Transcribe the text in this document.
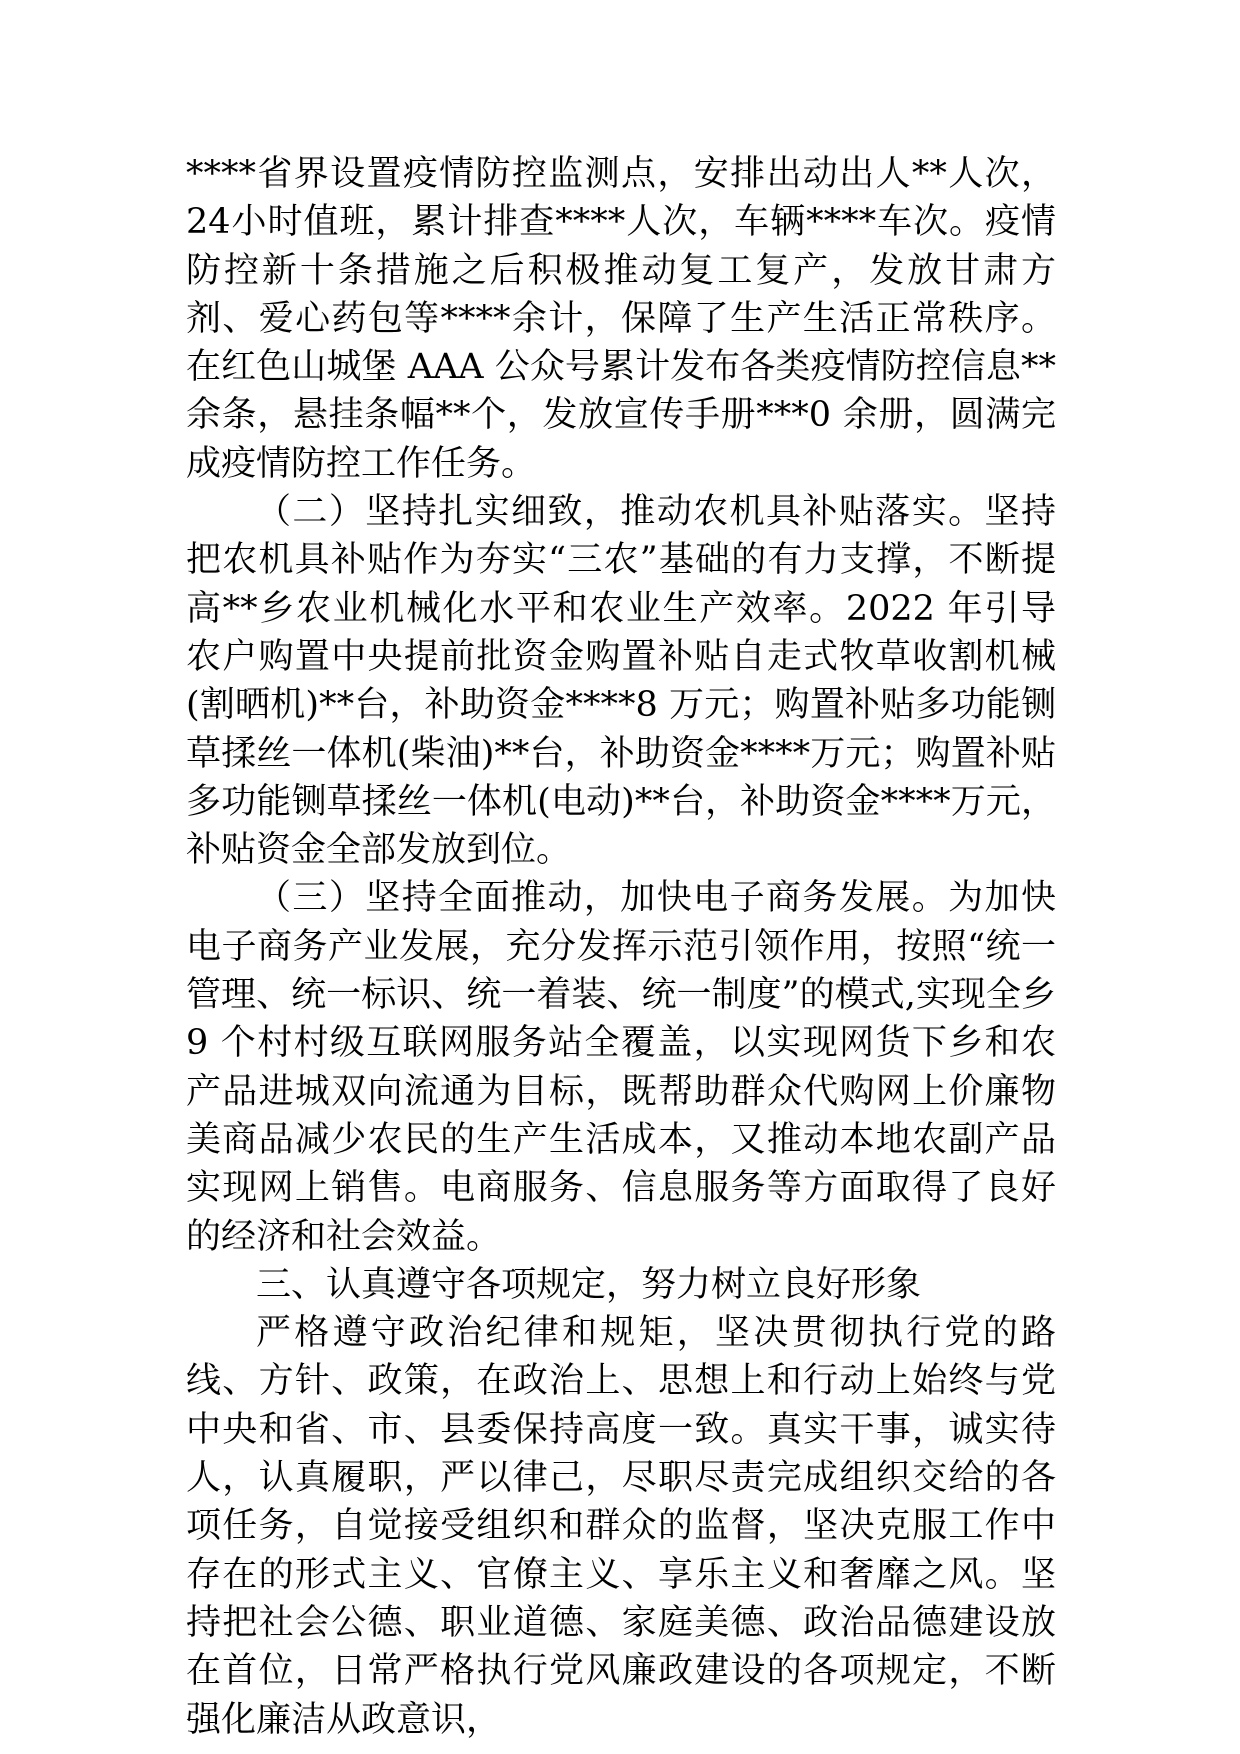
****省界设置疫情防控监测点，安排出动出人**人次，24小时值班，累计排查****人次，车辆****车次。疫情防控新十条措施之后积极推动复工复产，发放甘肃方剂、爱心药包等****余计，保障了生产生活正常秩序。在红色山城堡 AAA 公众号累计发布各类疫情防控信息**余条，悬挂条幅**个，发放宣传手册***0 余册，圆满完成疫情防控工作任务。

（二）坚持扎实细致，推动农机具补贴落实。坚持把农机具补贴作为夯实“三农”基础的有力支撑，不断提高**乡农业机械化水平和农业生产效率。2022 年引导农户购置中央提前批资金购置补贴自走式牧草收割机械(割晒机)**台，补助资金****8 万元；购置补贴多功能铡草揉丝一体机(柴油)**台，补助资金****万元；购置补贴多功能铡草揉丝一体机(电动)**台，补助资金****万元，补贴资金全部发放到位。

（三）坚持全面推动，加快电子商务发展。为加快电子商务产业发展，充分发挥示范引领作用，按照“统一管理、统一标识、统一着装、统一制度”的模式,实现全乡 9 个村村级互联网服务站全覆盖，以实现网货下乡和农产品进城双向流通为目标，既帮助群众代购网上价廉物美商品减少农民的生产生活成本，又推动本地农副产品实现网上销售。电商服务、信息服务等方面取得了良好的经济和社会效益。

三、认真遵守各项规定，努力树立良好形象

严格遵守政治纪律和规矩，坚决贯彻执行党的路线、方针、政策，在政治上、思想上和行动上始终与党中央和省、市、县委保持高度一致。真实干事，诚实待人，认真履职，严以律己，尽职尽责完成组织交给的各项任务，自觉接受组织和群众的监督，坚决克服工作中存在的形式主义、官僚主义、享乐主义和奢靡之风。坚持把社会公德、职业道德、家庭美德、政治品德建设放在首位，日常严格执行党风廉政建设的各项规定，不断强化廉洁从政意识，
